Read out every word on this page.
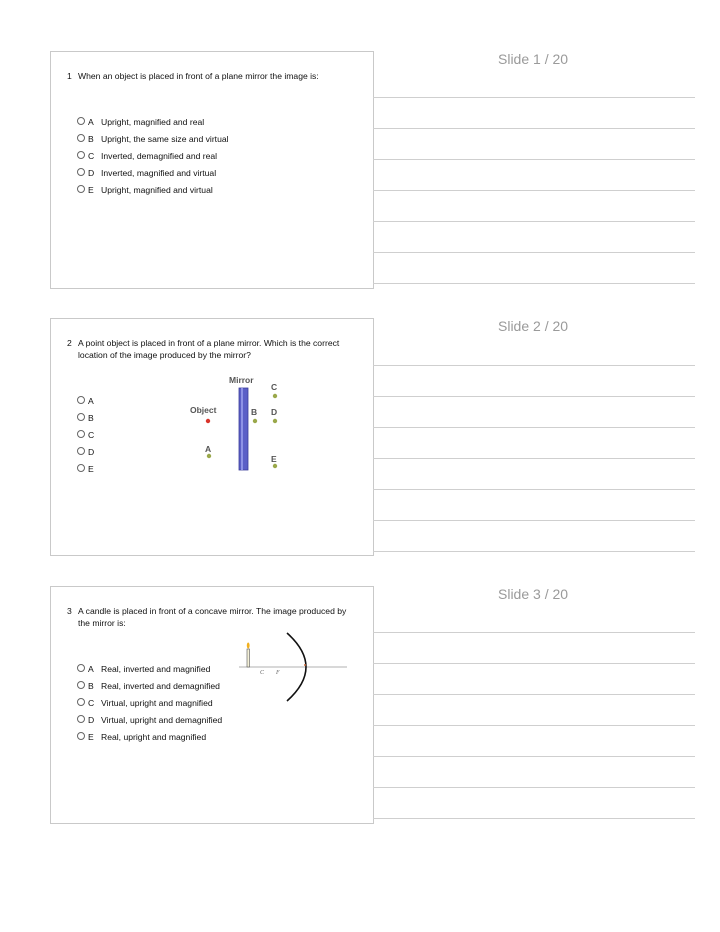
Slide 1 / 20
1 When an object is placed in front of a plane mirror the image is:
A Upright, magnified and real
B Upright, the same size and virtual
C Inverted, demagnified and real
D Inverted, magnified and virtual
E Upright, magnified and virtual
Slide 2 / 20
2 A point object is placed in front of a plane mirror. Which is the correct location of the image produced by the mirror?
A
B
C
D
E
Mirror
Object
A
B
C
D
E
Slide 3 / 20
3 A candle is placed in front of a concave mirror. The image produced by the mirror is:
A Real, inverted and magnified
B Real, inverted and demagnified
C Virtual, upright and magnified
D Virtual, upright and demagnified
E Real, upright and magnified
C F
